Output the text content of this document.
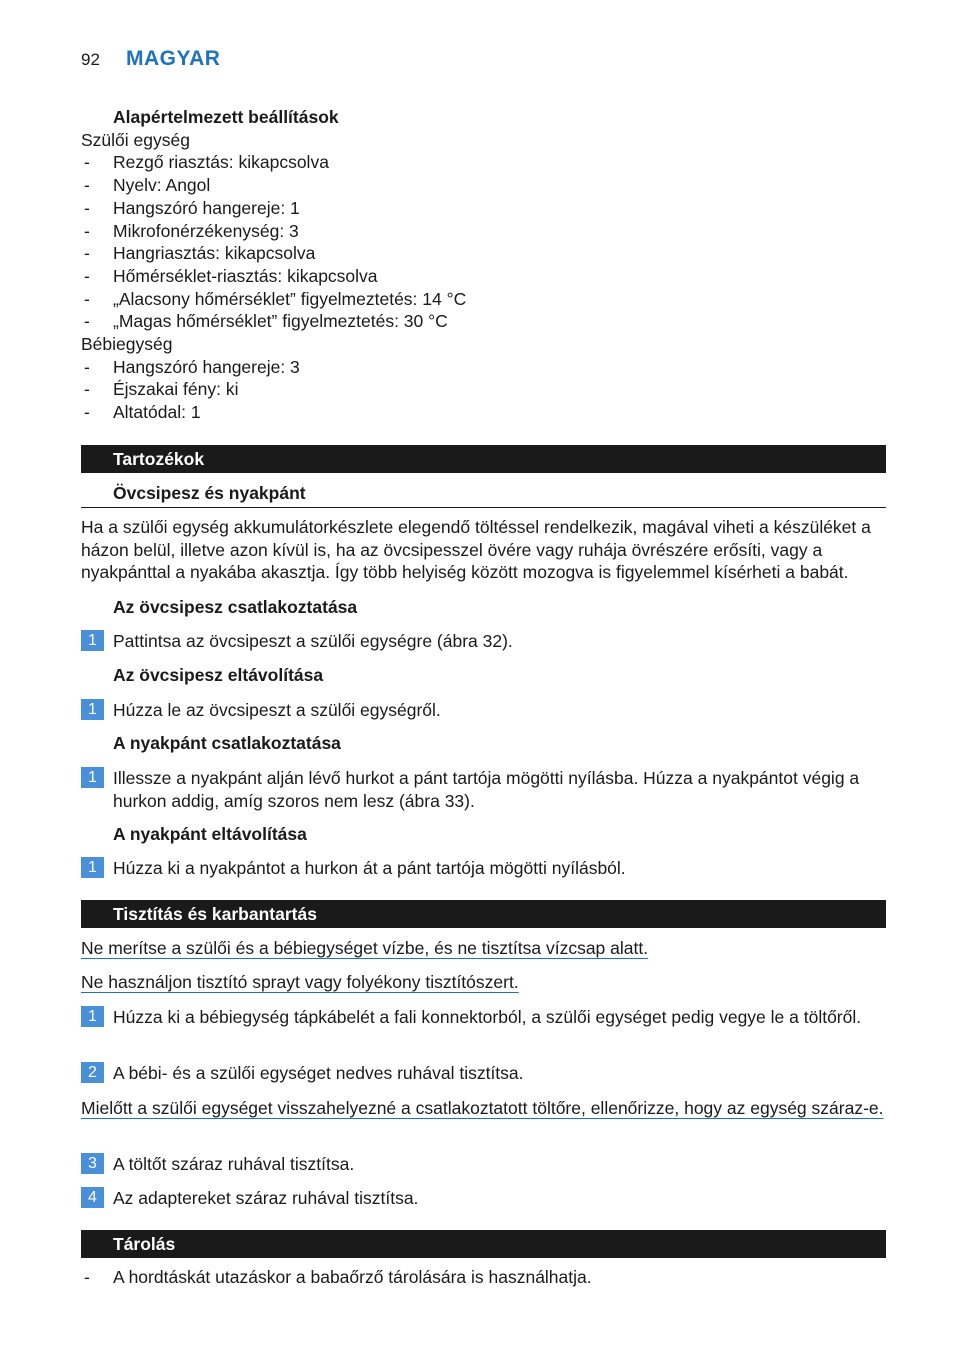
92 MAGYAR
Alapértelmezett beállítások
Szülői egység
- Rezgő riasztás: kikapcsolva
- Nyelv: Angol
- Hangszóró hangereje: 1
- Mikrofonérzékenység: 3
- Hangriasztás: kikapcsolva
- Hőmérséklet-riasztás: kikapcsolva
- „Alacsony hőmérséklet” figyelmeztetés: 14 °C
- „Magas hőmérséklet” figyelmeztetés: 30 °C
Bébiegység
- Hangszóró hangereje: 3
- Éjszakai fény: ki
- Altatódal: 1
Tartozékok
Övcsipesz és nyakpánt
Ha a szülői egység akkumulátorkészlete elegendő töltéssel rendelkezik, magával viheti a készüléket a házon belül, illetve azon kívül is, ha az övcsipesszel övére vagy ruhája övrészére erősíti, vagy a nyakpánttal a nyakába akasztja. Így több helyiség között mozogva is figyelemmel kísérheti a babát.
Az övcsipesz csatlakoztatása
1 Pattintsa az övcsipeszt a szülői egységre (ábra 32).
Az övcsipesz eltávolítása
1 Húzza le az övcsipeszt a szülői egységről.
A nyakpánt csatlakoztatása
1 Illessze a nyakpánt alján lévő hurkot a pánt tartója mögötti nyílásba. Húzza a nyakpántot végig a hurkon addig, amíg szoros nem lesz (ábra 33).
A nyakpánt eltávolítása
1 Húzza ki a nyakpántot a hurkon át a pánt tartója mögötti nyílásból.
Tisztítás és karbantartás
Ne merítse a szülői és a bébiegységet vízbe, és ne tisztítsa vízcsap alatt.
Ne használjon tisztító sprayt vagy folyékony tisztítószert.
1 Húzza ki a bébiegység tápkábelét a fali konnektorból, a szülői egységet pedig vegye le a töltőről.
2 A bébi- és a szülői egységet nedves ruhával tisztítsa.
Mielőtt a szülői egységet visszahelyezné a csatlakoztatott töltőre, ellenőrizze, hogy az egység száraz-e.
3 A töltőt száraz ruhával tisztítsa.
4 Az adaptereket száraz ruhával tisztítsa.
Tárolás
- A hordtáskát utazáskor a babaőrző tárolására is használhatja.
